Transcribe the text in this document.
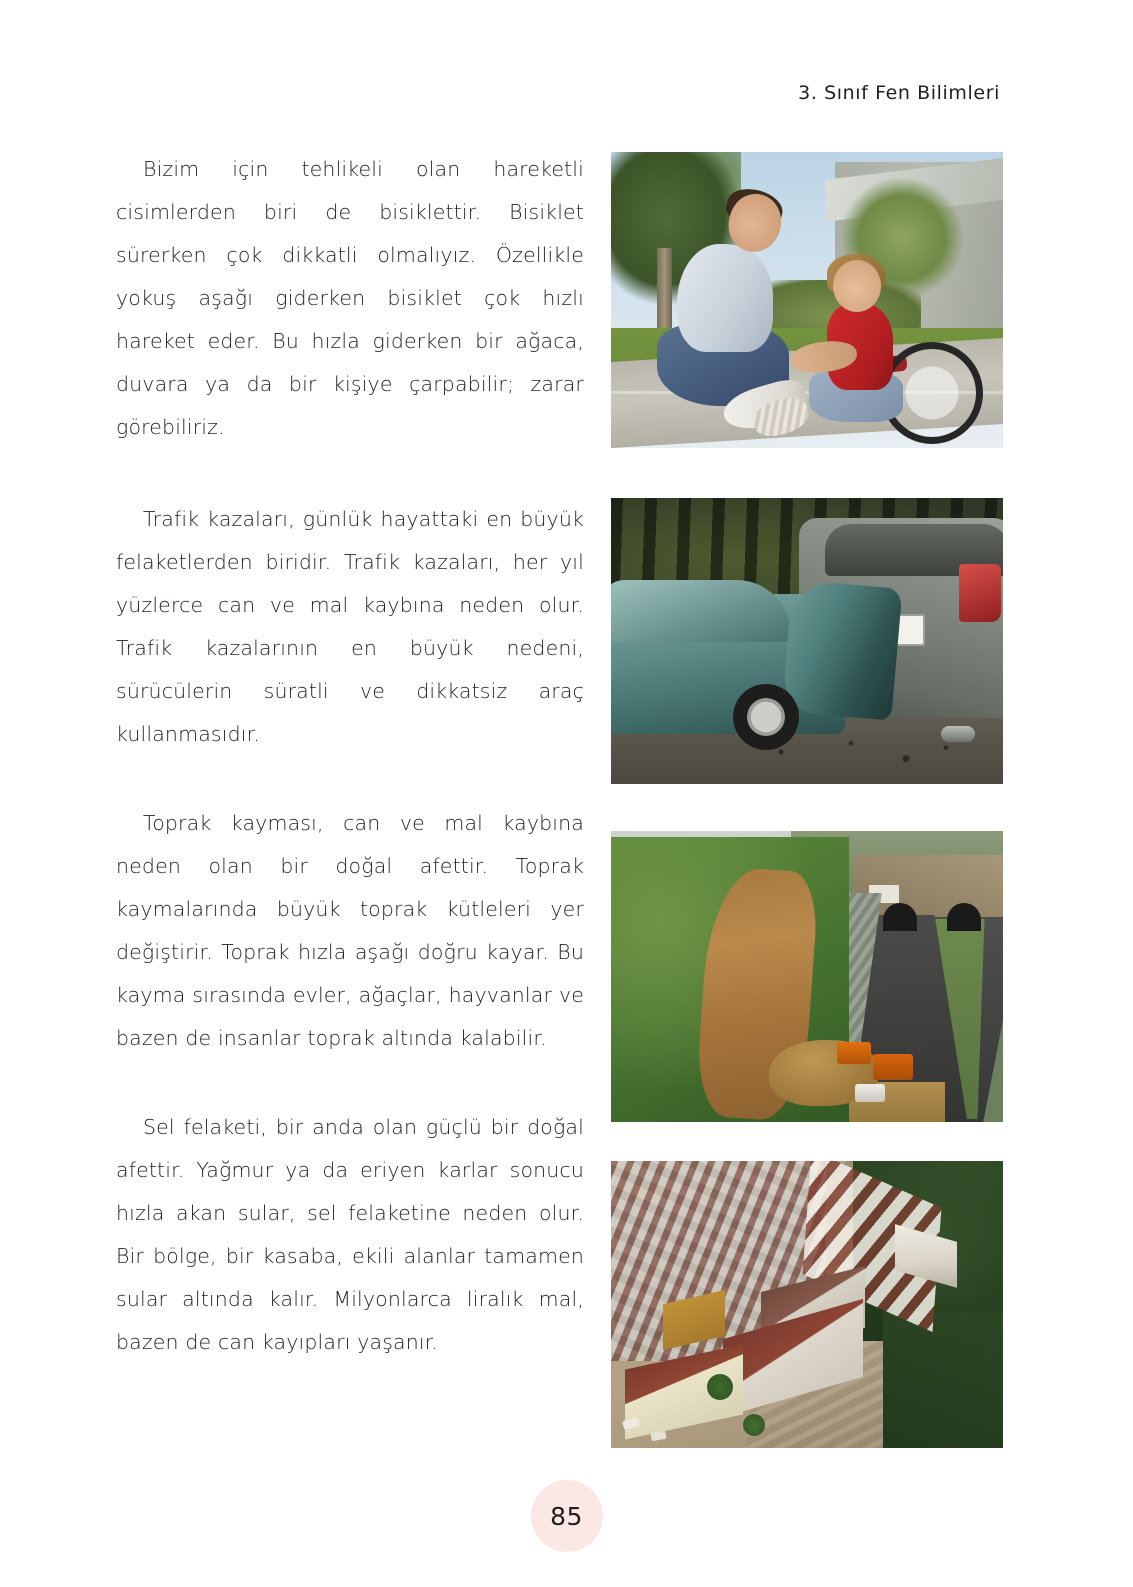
3. Sınıf Fen Bilimleri

Bizim için tehlikeli olan hareketli cisimlerden biri de bisiklettir. Bisiklet sürerken çok dikkatli olmalıyız. Özellikle yokuş aşağı giderken bisiklet çok hızlı hareket eder. Bu hızla giderken bir ağaca, duvara ya da bir kişiye çarpabilir; zarar görebiliriz.

Trafik kazaları, günlük hayattaki en büyük felaketlerden biridir. Trafik kazaları, her yıl yüzlerce can ve mal kaybına neden olur. Trafik kazalarının en büyük nedeni, sürücülerin süratli ve dikkatsiz araç kullanmasıdır.

Toprak kayması, can ve mal kaybına neden olan bir doğal afettir. Toprak kaymalarında büyük toprak kütleleri yer değiştirir. Toprak hızla aşağı doğru kayar. Bu kayma sırasında evler, ağaçlar, hayvanlar ve bazen de insanlar toprak altında kalabilir.

Sel felaketi, bir anda olan güçlü bir doğal afettir. Yağmur ya da eriyen karlar sonucu hızla akan sular, sel felaketine neden olur. Bir bölge, bir kasaba, ekili alanlar tamamen sular altında kalır. Milyonlarca liralık mal, bazen de can kayıpları yaşanır.

85
